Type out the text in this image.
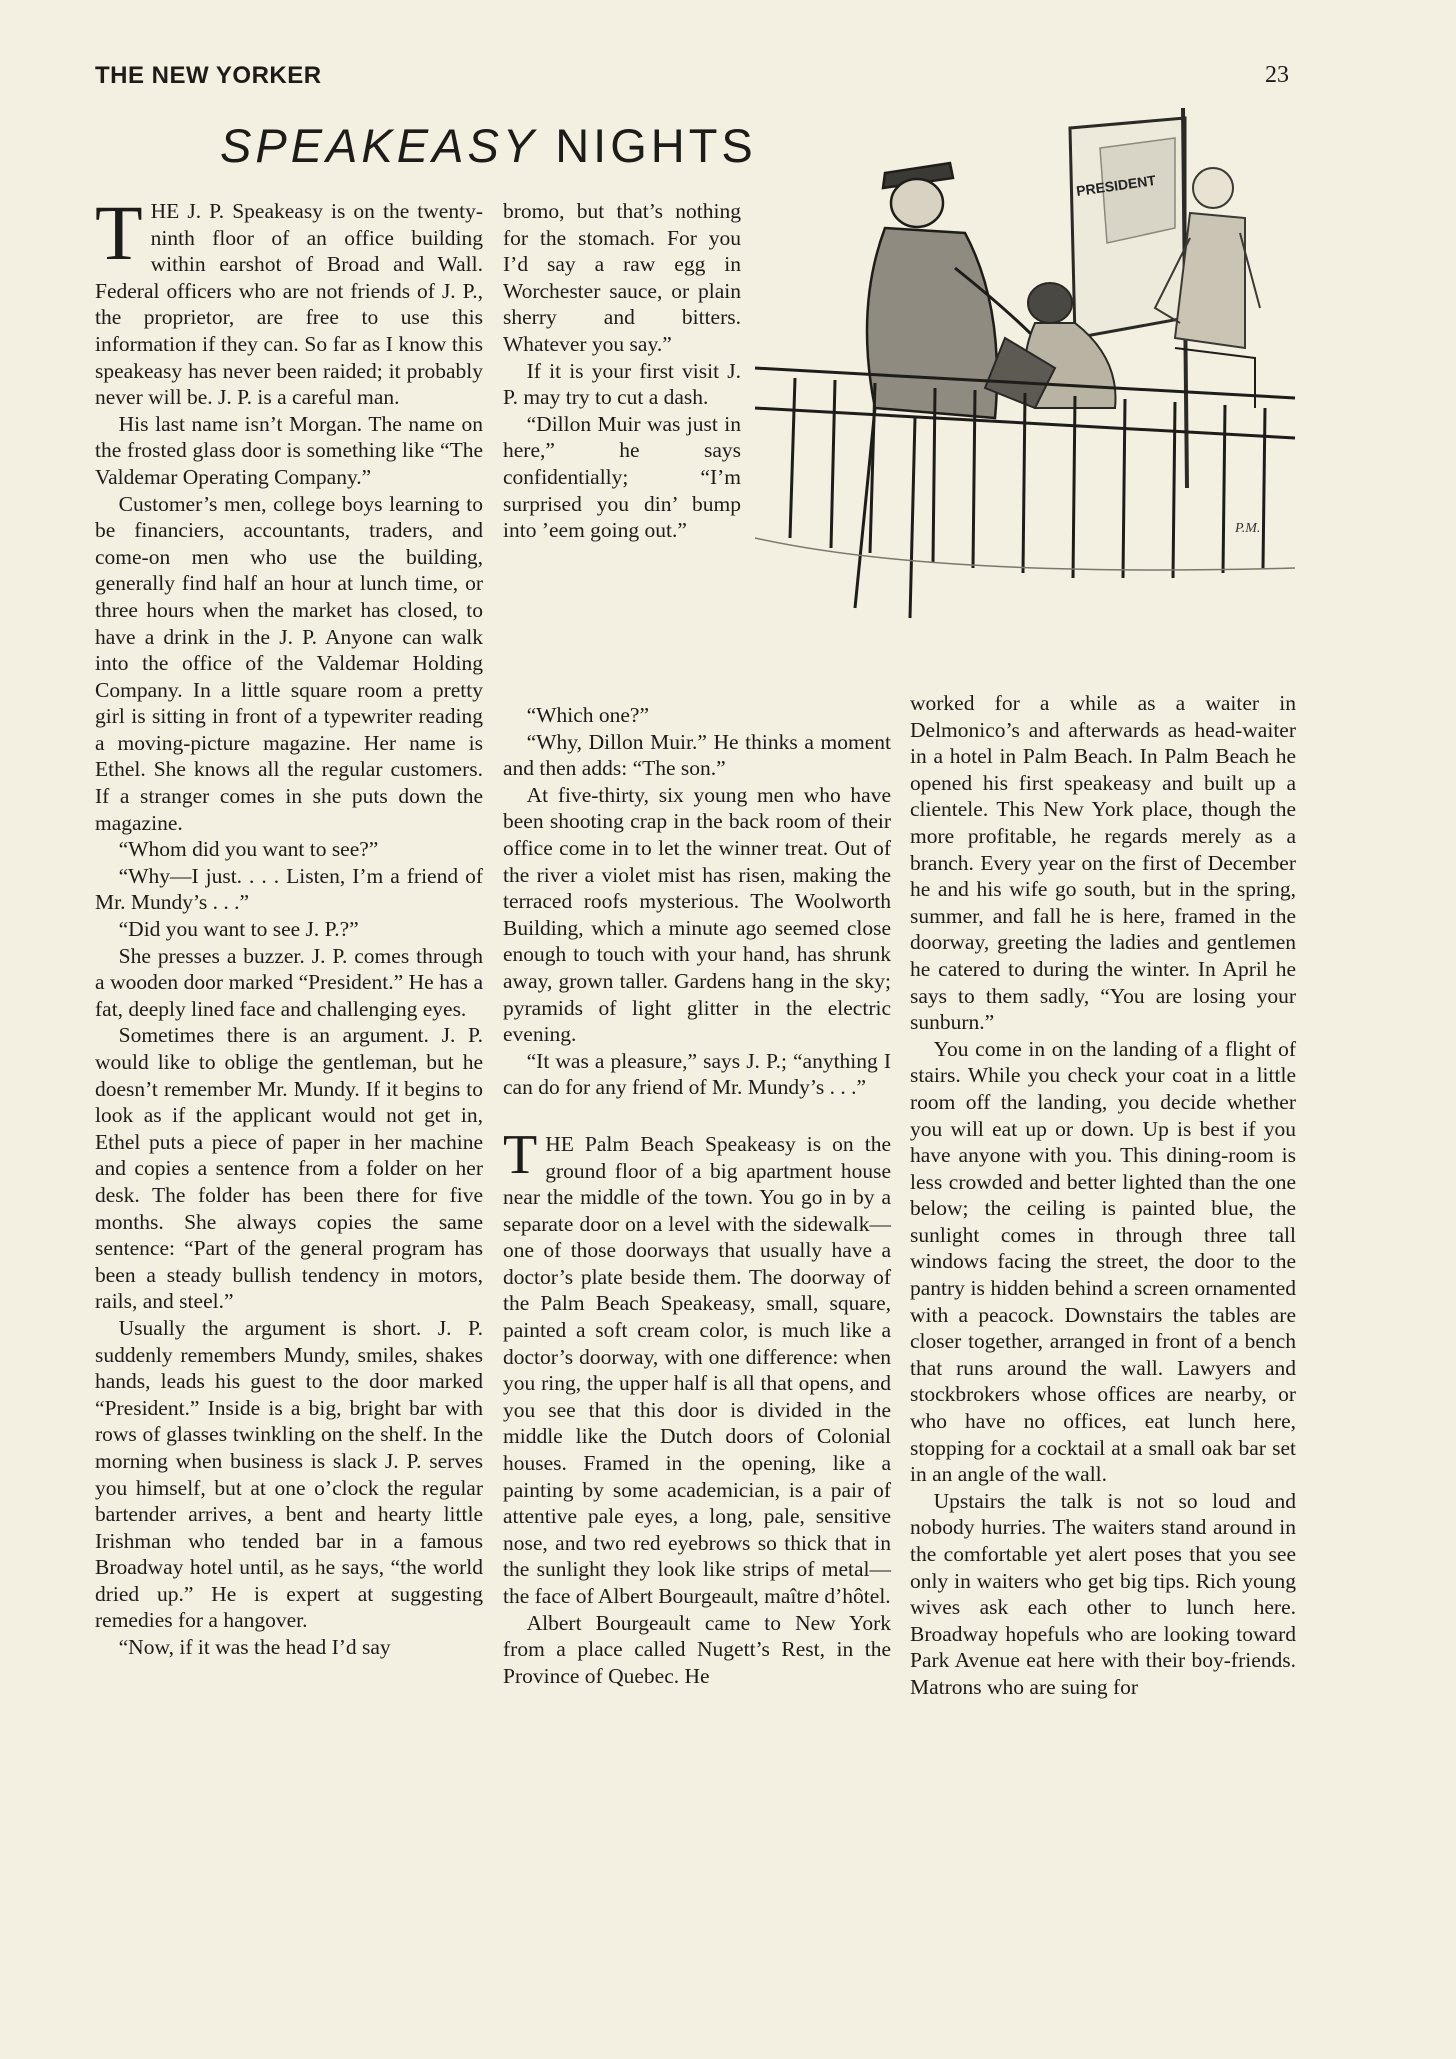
THE NEW YORKER	23
SPEAKEASY NIGHTS

THE J. P. Speakeasy is on the twenty-ninth floor of an office building within earshot of Broad and Wall. Federal officers who are not friends of J. P., the proprietor, are free to use this information if they can. So far as I know this speakeasy has never been raided; it probably never will be. J. P. is a careful man.

His last name isn’t Morgan. The name on the frosted glass door is something like “The Valdemar Operating Company.”

Customer’s men, college boys learning to be financiers, accountants, traders, and come-on men who use the building, generally find half an hour at lunch time, or three hours when the market has closed, to have a drink in the J. P. Anyone can walk into the office of the Valdemar Holding Company. In a little square room a pretty girl is sitting in front of a typewriter reading a moving-picture magazine. Her name is Ethel. She knows all the regular customers. If a stranger comes in she puts down the magazine.

“Whom did you want to see?”

“Why—I just. . . . Listen, I’m a friend of Mr. Mundy’s . . .”

“Did you want to see J. P.?”

She presses a buzzer. J. P. comes through a wooden door marked “President.” He has a fat, deeply lined face and challenging eyes.

Sometimes there is an argument. J. P. would like to oblige the gentleman, but he doesn’t remember Mr. Mundy. If it begins to look as if the applicant would not get in, Ethel puts a piece of paper in her machine and copies a sentence from a folder on her desk. The folder has been there for five months. She always copies the same sentence: “Part of the general program has been a steady bullish tendency in motors, rails, and steel.”

Usually the argument is short. J. P. suddenly remembers Mundy, smiles, shakes hands, leads his guest to the door marked “President.” Inside is a big, bright bar with rows of glasses twinkling on the shelf. In the morning when business is slack J. P. serves you himself, but at one o’clock the regular bartender arrives, a bent and hearty little Irishman who tended bar in a famous Broadway hotel until, as he says, “the world dried up.” He is expert at suggesting remedies for a hangover.

“Now, if it was the head I’d say

bromo, but that’s nothing for the stomach. For you I’d say a raw egg in Worchester sauce, or plain sherry and bitters. Whatever you say.”

If it is your first visit J. P. may try to cut a dash.

“Dillon Muir was just in here,” he says confidentially; “I’m surprised you din’ bump into ’eem going out.”

“Which one?”

“Why, Dillon Muir.” He thinks a moment and then adds: “The son.”

At five-thirty, six young men who have been shooting crap in the back room of their office come in to let the winner treat. Out of the river a violet mist has risen, making the terraced roofs mysterious. The Woolworth Building, which a minute ago seemed close enough to touch with your hand, has shrunk away, grown taller. Gardens hang in the sky; pyramids of light glitter in the electric evening.

“It was a pleasure,” says J. P.; “anything I can do for any friend of Mr. Mundy’s . . .”

THE Palm Beach Speakeasy is on the ground floor of a big apartment house near the middle of the town. You go in by a separate door on a level with the sidewalk—one of those doorways that usually have a doctor’s plate beside them. The doorway of the Palm Beach Speakeasy, small, square, painted a soft cream color, is much like a doctor’s doorway, with one difference: when you ring, the upper half is all that opens, and you see that this door is divided in the middle like the Dutch doors of Colonial houses. Framed in the opening, like a painting by some academician, is a pair of attentive pale eyes, a long, pale, sensitive nose, and two red eyebrows so thick that in the sunlight they look like strips of metal—the face of Albert Bourgeault, maître d’hôtel.

Albert Bourgeault came to New York from a place called Nugett’s Rest, in the Province of Quebec. He

worked for a while as a waiter in Delmonico’s and afterwards as head-waiter in a hotel in Palm Beach. In Palm Beach he opened his first speakeasy and built up a clientele. This New York place, though the more profitable, he regards merely as a branch. Every year on the first of December he and his wife go south, but in the spring, summer, and fall he is here, framed in the doorway, greeting the ladies and gentlemen he catered to during the winter. In April he says to them sadly, “You are losing your sunburn.”

You come in on the landing of a flight of stairs. While you check your coat in a little room off the landing, you decide whether you will eat up or down. Up is best if you have anyone with you. This dining-room is less crowded and better lighted than the one below; the ceiling is painted blue, the sunlight comes in through three tall windows facing the street, the door to the pantry is hidden behind a screen ornamented with a peacock. Downstairs the tables are closer together, arranged in front of a bench that runs around the wall. Lawyers and stockbrokers whose offices are nearby, or who have no offices, eat lunch here, stopping for a cocktail at a small oak bar set in an angle of the wall.

Upstairs the talk is not so loud and nobody hurries. The waiters stand around in the comfortable yet alert poses that you see only in waiters who get big tips. Rich young wives ask each other to lunch here. Broadway hopefuls who are looking toward Park Avenue eat here with their boy-friends. Matrons who are suing for

PRESIDENT
P.M.
